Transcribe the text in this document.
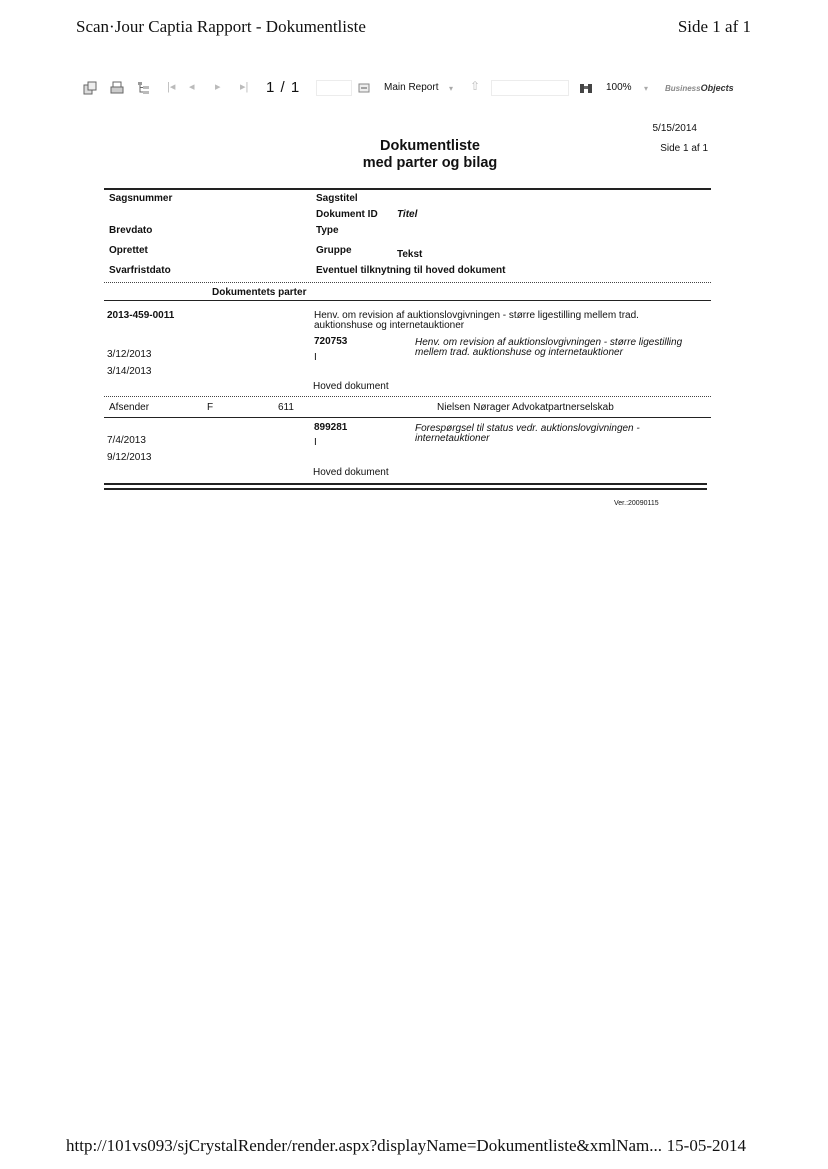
Scan·Jour Captia Rapport - Dokumentliste	Side 1 af 1
|◂ ◂ ▸ ▸| 1 / 1	Main Report ▾ ⇧	100% ▾ BusinessObjects
5/15/2014
Dokumentliste
med parter og bilag
Side 1 af 1
Sagsnummer	Sagstitel
Dokument ID Titel
Brevdato	Type
Oprettet	Gruppe	Tekst
Svarfristdato	Eventuel tilknytning til hoved dokument
Dokumentets parter
2013-459-0011	Henv. om revision af auktionslovgivningen - større ligestilling mellem trad. auktionshuse og internetauktioner
720753	Henv. om revision af auktionslovgivningen - større ligestilling mellem trad. auktionshuse og internetauktioner
3/12/2013	I
3/14/2013
Hoved dokument
Afsender	F	611	Nielsen Nørager Advokatpartnerselskab
899281	Forespørgsel til status vedr. auktionslovgivningen - internetauktioner
7/4/2013	I
9/12/2013
Hoved dokument
Ver.:20090115
http://101vs093/sjCrystalRender/render.aspx?displayName=Dokumentliste&xmlNam... 15-05-2014
